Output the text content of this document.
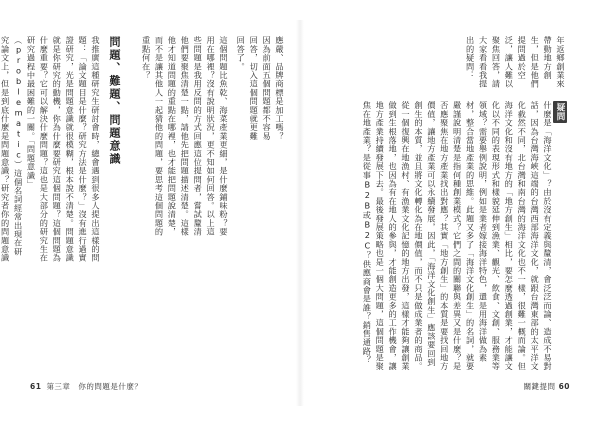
應嚴、品牌商標是加工嗎？因為前面五個問題都不容易回答，切入這個問題就更難回答了。
這個問題比魚乾、海菜產業更細，是什麼鋪味粉？要用在哪裡？沒有說明狀況，更不知如何回答。以上這些問題是我用反問的方式回應這位提問者，嘗試釐清他們要聚焦清楚一點，請他先把問題描述清楚。這樣他才知道問題的重點在哪裡，也才能把問題說清楚，而不是讓其他人一起猜他的問題，要思考這個問題的重點何在？
問題、難題、問題意識
我推廣這種研究生研討會時，總會遇到很多人提出這樣的問題：「論文題目是什麼？研究方法是什麼？」沒有進行過實證研究，光是問題意識就很模糊，根本說不清楚。問題意識就是你研究的動機，你為什麼要研究這個問題？這個問題為什麼重要？它可以解決什麼問題？這也是大部分的研究生在研究過程中最困難的一關。「問題意識」（problematic）這個名詞經常出現在研究論文上，但是到底什麼是問題意識？研究者你的問題意識
61 第三章　你的問題是什麼？
年返鄉創業來帶動地方創生，但是他們提問過於空泛，讓人難以聚焦回答，請大家看看我提出的疑問：
疑問
什麼是「海洋文化」？由於沒有定義與釐清，會泛泛而論、造成不易對話，因為台灣海峽這端的台灣西部海洋文化，就跟台灣東部的太平洋文化截然不同，北台灣和南台灣的海洋文化也不一樣，很難一概而論。但海洋文化和沒有地方的「地方創生」相比，要怎麼透過創業，才能讓文化以不同的表現形式和樣貌延伸到漁業、觀光、飲食、文創、服務業等領域？需要舉例說明，例如是業者嫁接海洋特色，還是用海洋做為素材，整合當地產業的思維。此題又多了「海洋文化創生」的名詞，就要嚴謹說明清楚是指何種創業模式？它們之間的關聯與差異又是什麼？是否應聚焦在地方產業找出對應？其實「地方創生」的本質是要找回地方價值，讓地方產業可以永續發展，因此，「海洋文化創生」應該要回到創生的本質，並且將文化轉化為在地價值，而不只是做成業者的商品。從一個復興在地漁村、有漁業文化記憶的地方出發，這樣才能夠讓創業做到生根落地，也因為有在地人的參與，才能創造更多的工作機會，讓地方產業持續發展下去。最後發展策略也是一個大問題，這個問題是聚焦在地產業？是從事B2B或B2C？供應商會是誰？銷售通路？
關鍵提問 60
